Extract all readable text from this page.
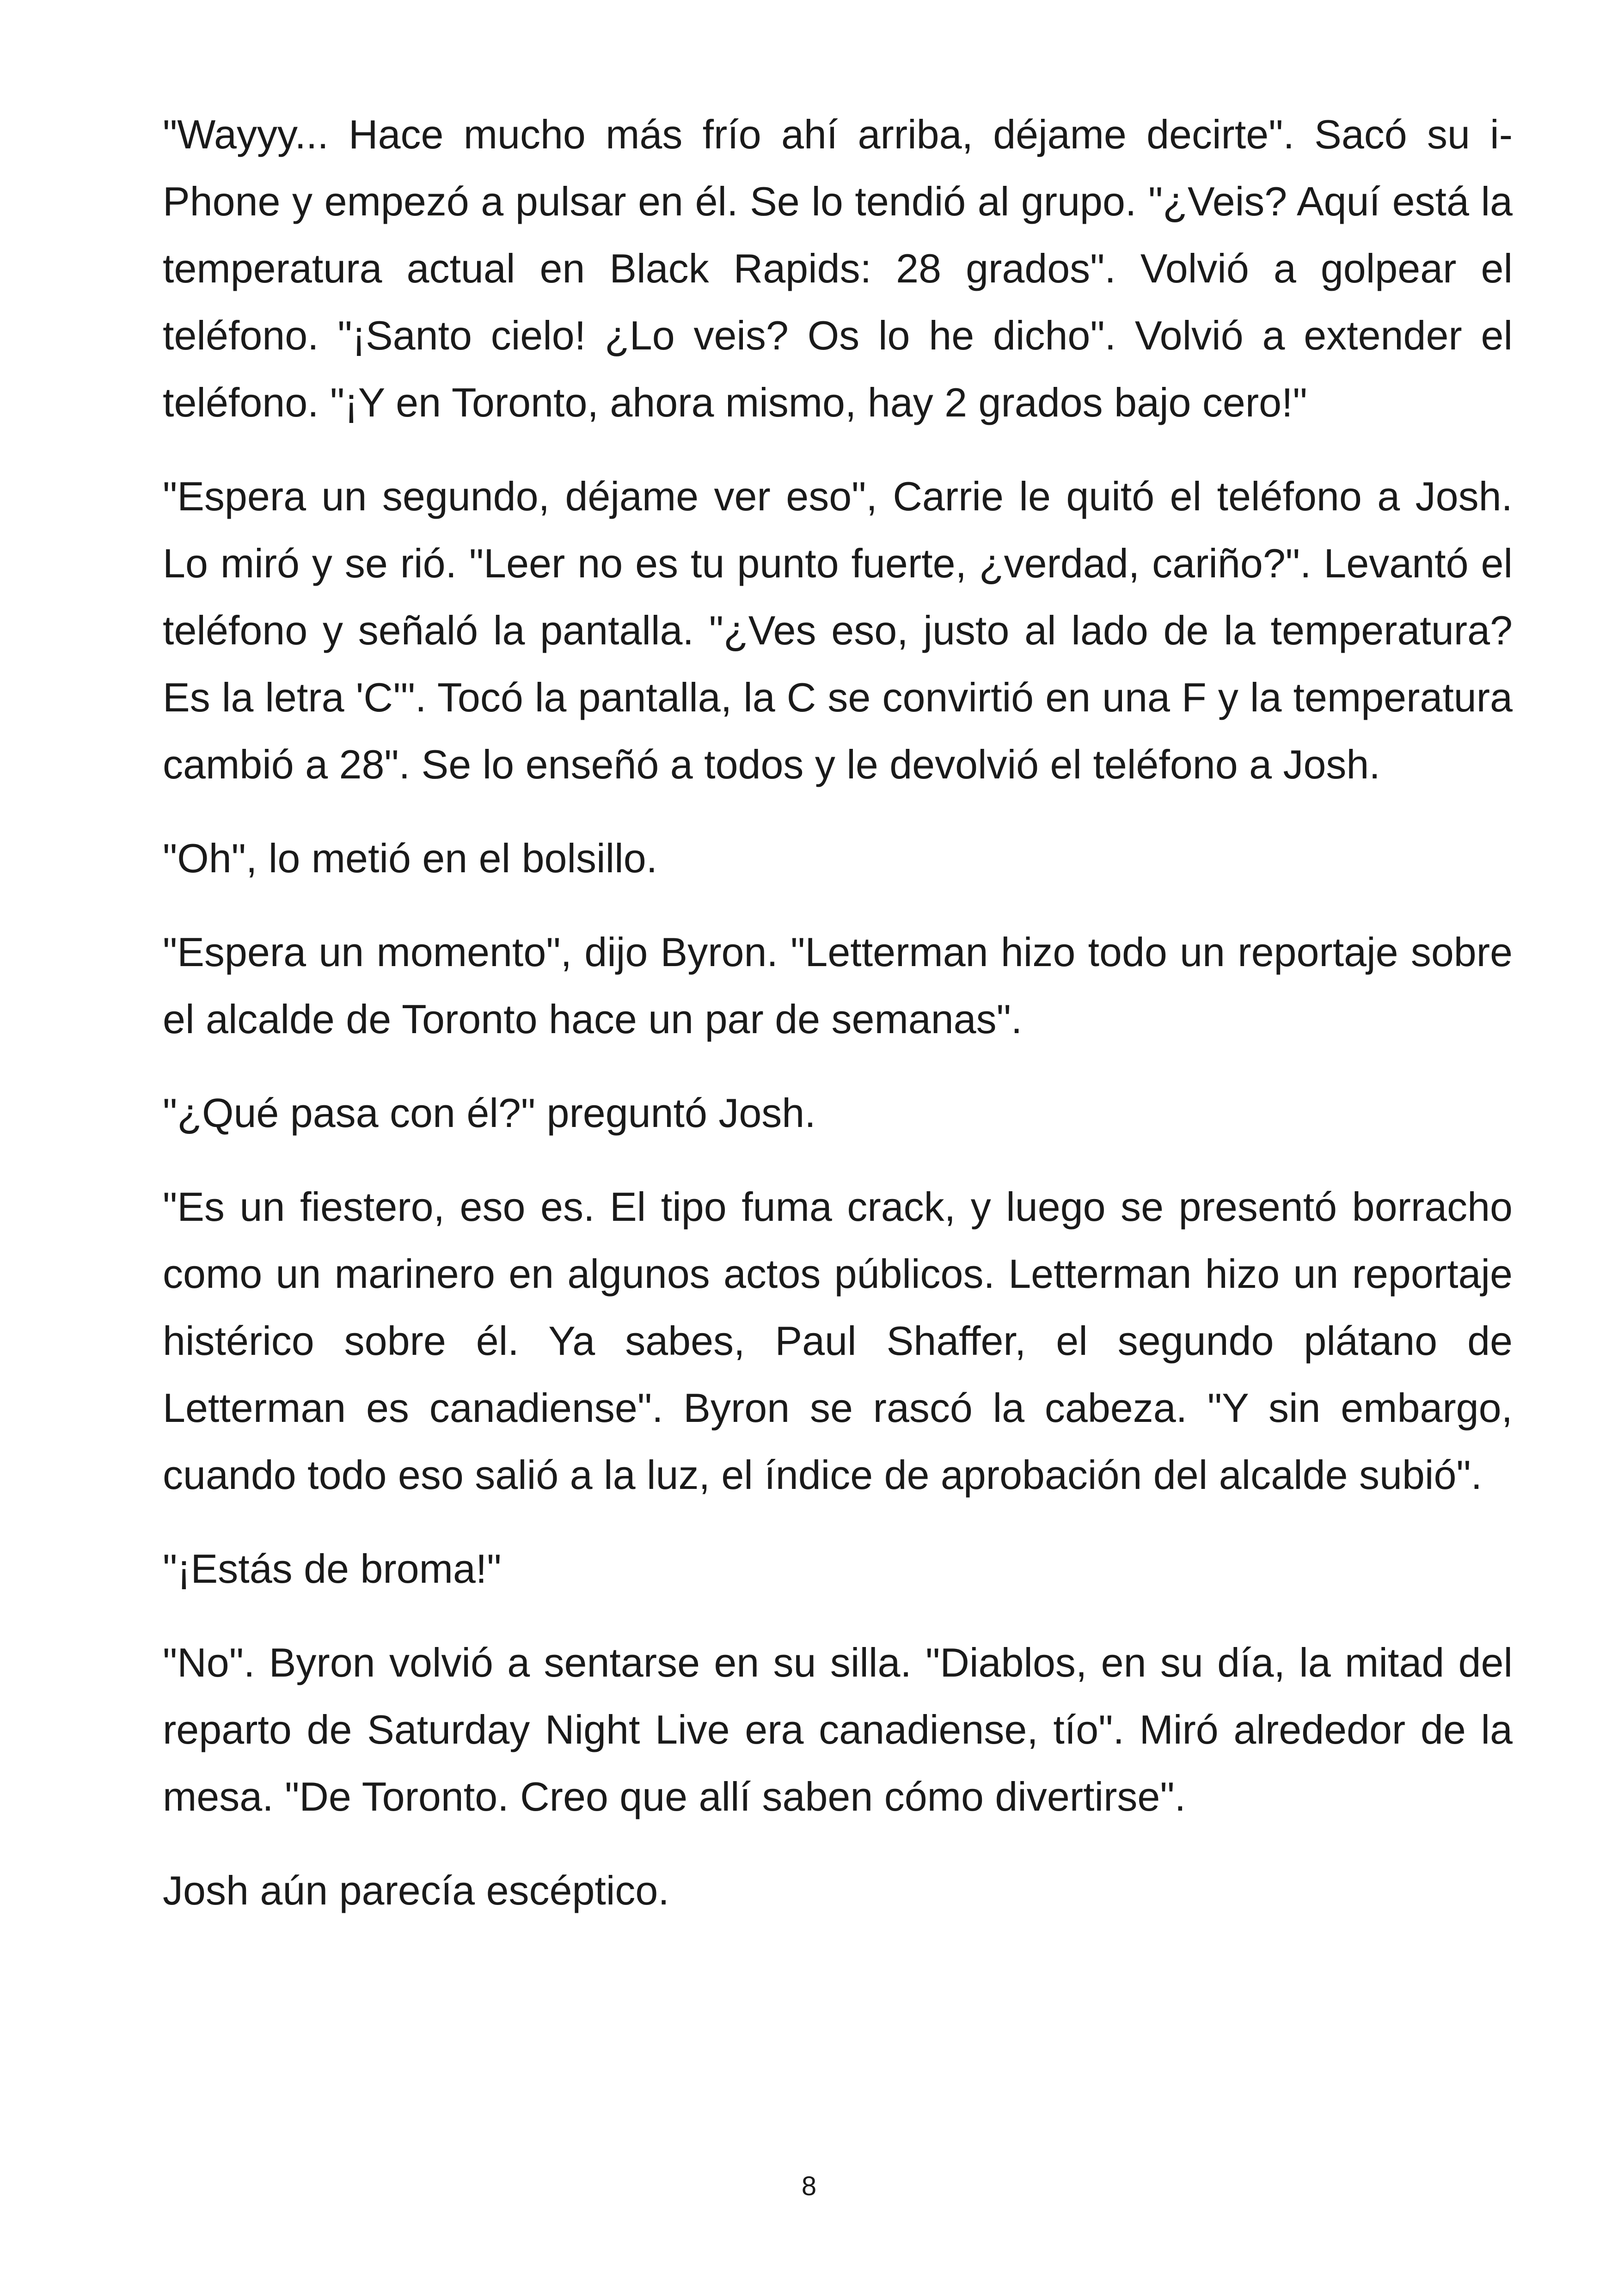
"Wayyy... Hace mucho más frío ahí arriba, déjame decirte". Sacó su i-Phone y empezó a pulsar en él. Se lo tendió al grupo. "¿Veis? Aquí está la temperatura actual en Black Rapids: 28 grados". Volvió a golpear el teléfono. "¡Santo cielo! ¿Lo veis? Os lo he dicho". Volvió a extender el teléfono. "¡Y en Toronto, ahora mismo, hay 2 grados bajo cero!"

"Espera un segundo, déjame ver eso", Carrie le quitó el teléfono a Josh. Lo miró y se rió. "Leer no es tu punto fuerte, ¿verdad, cariño?". Levantó el teléfono y señaló la pantalla. "¿Ves eso, justo al lado de la temperatura? Es la letra 'C'". Tocó la pantalla, la C se convirtió en una F y la temperatura cambió a 28". Se lo enseñó a todos y le devolvió el teléfono a Josh.

"Oh", lo metió en el bolsillo.

"Espera un momento", dijo Byron. "Letterman hizo todo un reportaje sobre el alcalde de Toronto hace un par de semanas".

"¿Qué pasa con él?" preguntó Josh.

"Es un fiestero, eso es. El tipo fuma crack, y luego se presentó borracho como un marinero en algunos actos públicos. Letterman hizo un reportaje histérico sobre él. Ya sabes, Paul Shaffer, el segundo plátano de Letterman es canadiense". Byron se rascó la cabeza. "Y sin embargo, cuando todo eso salió a la luz, el índice de aprobación del alcalde subió".

"¡Estás de broma!"

"No". Byron volvió a sentarse en su silla. "Diablos, en su día, la mitad del reparto de Saturday Night Live era canadiense, tío". Miró alrededor de la mesa. "De Toronto. Creo que allí saben cómo divertirse".

Josh aún parecía escéptico.

8
